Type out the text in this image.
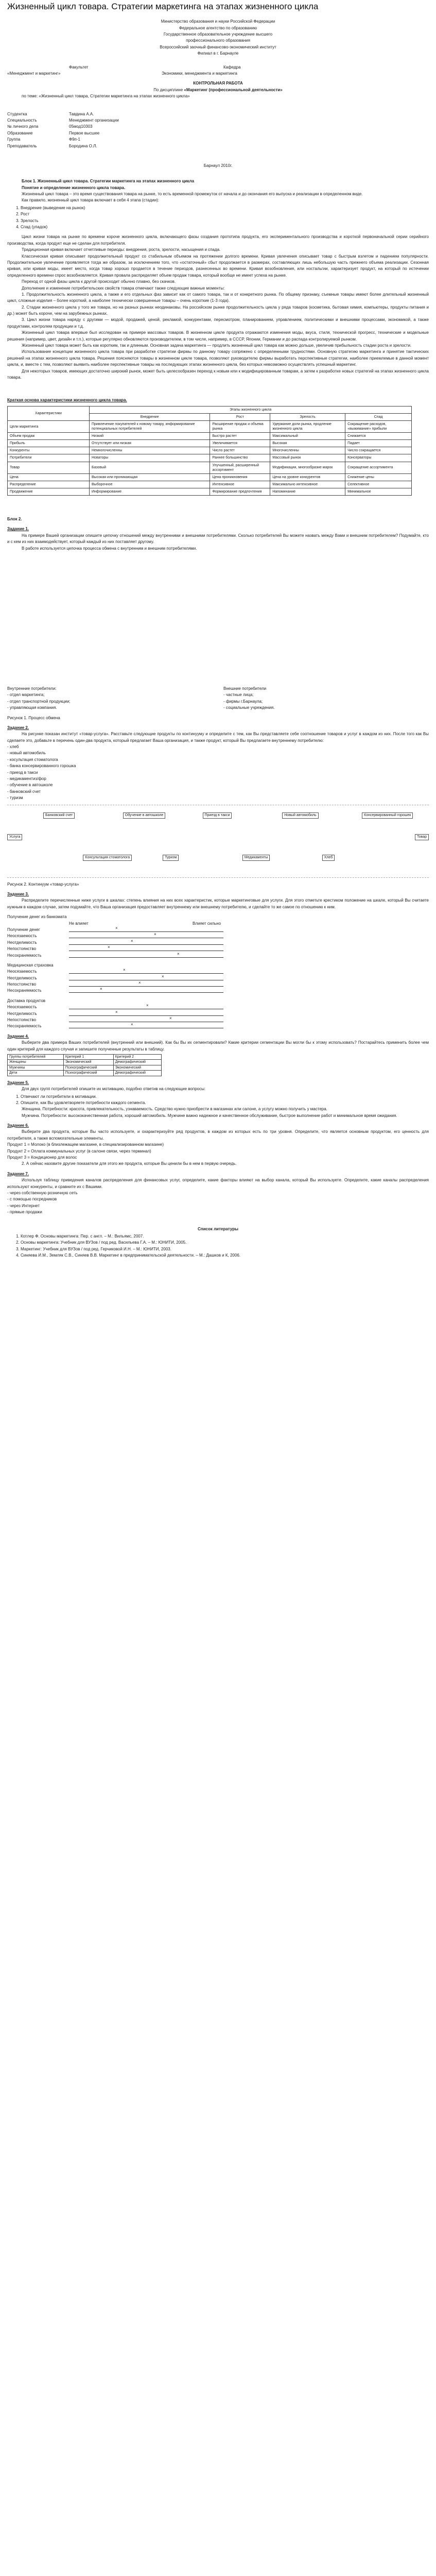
Жизненный цикл товара. Стратегии маркетинга на этапах жизненного цикла

Министерство образования и науки Российской Федерации

Федеральное агентство по образованию

Государственное образовательное учреждение высшего

профессионального образования

Всероссийский заочный финансово-экономический институт

Филиал в г. Барнауле

Факультет	Кафедра
«Менеджмент и маркетинг»	Экономики, менеджмента и маркетинга

КОНТРОЛЬНАЯ РАБОТА

По дисциплине «Маркетинг (профессиональной деятельности»

по теме: «Жизненный цикл товара, Стратегии маркетинга на этапах жизненного цикла»

Студентка	Тавдина А.А.
Специальность	Менеджмент организации
№ личного дела	05мод10303
Образование	Первое высшее
Группа	Ф9п-1
Преподаватель	Бородина О.Л.

Барнаул 2010г.

Блок 1. Жизненный цикл товара. Стратегии маркетинга на этапах жизненного цикла

Понятие и определение жизненного цикла товара.

Жизненный цикл товара – это время существования товара на рынке, то есть временной промежуток от начала и до окончания его выпуска и реализации в определенном виде.

Как правило, жизненный цикл товара включает в себя 4 этапа (стадии):

1. Внедрение (выведение на рынок)
2. Рост
3. Зрелость
4. Спад (упадок)

Цикл жизни товара на рынке по времени короче жизненного цикла, включающего фазы создания прототипа продукта, его экспериментального производства и короткой первоначальной серии серийного производства, когда продукт еще не сделан для потребителя.

Традиционная кривая включает отчетливые периоды: внедрения, роста, зрелости, насыщения и спада.

Классическая кривая описывает продолжительный продукт со стабильным объемом на протяжении долгого времени. Кривая увлечения описывает товар с быстрым взлетом и падением популярности. Продолжительное увлечение проявляется тогда же образом, за исключением того, что «остаточный» сбыт продолжается в размерах, составляющих лишь небольшую часть прежнего объема реализации. Сезонная кривая, или кривая моды, имеет место, когда товар хорошо продается в течение периодов, разнесенных во времени. Кривая возобновления, или ностальгии, характеризует продукт, на который по истечении определенного времени спрос возобновляется. Кривая провала распределяет объем продаж товара, который вообще не имеет успеха на рынке.

Переход от одной фазы цикла к другой происходит обычно плавно, без скачков.

Дополнение и изменение потребительских свойств товара отмечают также следующие важные моменты:

1. Продолжительность жизненного цикла, а также и его отдельных фаз зависит как от самого товара, так и от конкретного рынка. По общему признаку, съемные товары имеют более длительный жизненный цикл, сложные изделия – более короткий, а наиболее технически совершенные товары – очень короткие (1-3 года).

2. Стадии жизненного цикла у того же товара, но на разных рынках неодинаковы. На российском рынке продолжительность цикла у ряда товаров (косметика, бытовая химия, компьютеры, продукты питания и др.) может быть короче, чем на зарубежных рынках.

3. Цикл жизни товара наряду с другими — модой, продажей, ценой, рекламой, конкурентами, пересмотром, планированием, управлением, политическими и внешними процессами, экономикой, а также продуктами, контролем продукции и т.д.

Жизненный цикл товара впервые был исследован на примере массовых товаров. В жизненном цикле продукта отражаются изменения моды, вкуса, стиля, технической прогресс, технические и модельные решения (например, цвет, дизайн и т.п.), которые регулярно обновляются производителем, в том числе, например, в СССР, Японии, Германии и до распада контролируемой рынком.

Жизненный цикл товара может быть как коротким, так и длинным. Основная задача маркетинга — продлить жизненный цикл товара как можно дольше, увеличив прибыльность стадии роста и зрелости.

Использование концепции жизненного цикла товара при разработке стратегии фирмы по данному товару сопряжено с определенными трудностями. Основную стратегию маркетинга и принятие тактических решений на этапах жизненного цикла товара. Решения поясняются товары в жизненном цикле товара, позволяют руководителю фирмы выработать перспективные стратегии, наиболее приемлемые в данной момент цикла, и, вместе с тем, позволяют выявить наиболее перспективные товары на последующих этапах жизненного цикла, без которых невозможно осуществлять успешный маркетинг.

Для некоторых товаров, имеющих достаточно широкий рынок, может быть целесообразен переход к новым или к модифицированным товарам, а затем к разработке новых стратегий на этапах жизненного цикла товара.

Краткая основа характеристики жизненного цикла товара.

Характеристики	Этапы жизненного цикла			
	Внедрение	Рост	Зрелость	Спад
Цели маркетинга	Привлечение покупателей к новому товару, информирование потенциальных потребителей	Расширение продаж и объема рынка	Удержание доли рынка, продление жизненного цикла	Сокращение расходов, «выжимание» прибыли
Объем продаж	Низкий	Быстро растет	Максимальный	Снижается
Прибыль	Отсутствует или низкая	Увеличивается	Высокая	Падает
Конкуренты	Немногочисленны	Число растет	Многочисленны	Число сокращается
Потребители	Новаторы	Раннее большинство	Массовый рынок	Консерваторы
Товар	Базовый	Улучшенный, расширенный ассортимент	Модификации, многообразие марок	Сокращение ассортимента
Цена	Высокая или проникающая	Цена проникновения	Цена на уровне конкурентов	Снижение цены
Распределение	Выборочное	Интенсивное	Максимально интенсивное	Селективное
Продвижение	Информирование	Формирование предпочтения	Напоминание	Минимальное

Блок 2.

Задание 1.

На примере Вашей организации опишите цепочку отношений между внутренними и внешними потребителями. Сколько потребителей Вы можете назвать между Вами и внешним потребителем? Подумайте, кто и с кем из них взаимодействует, который каждый из них поставляет другому.

В работе используется цепочка процесса обмена с внутренним и внешним потребителями.

Внутренние потребители:

- отдел маркетинга;

- отдел транспортной продукции;

- управляющая компания.

Внешние потребители

- частные лица;

- фирмы г.Барнаула;

- социальные учреждения.

Рисунок 1. Процесс обмена

Задание 2.

На рисунке показан институт «товар-услуга». Расставьте следующие продукты по континууму и определите с тем, как Вы представляете себе соотношение товаров и услуг в каждом из них. После того как Вы сделаете это, добавьте в перечень один-два продукта, который предлагает Ваша организация, и также продукт, который Вы предлагаете внутреннему потребителю:

- хлеб

- новый автомобиль

- косультация стоматолога

- банка консервированного горошка

- приезд в такси

- медикаментиз/фор

- обучение в автошколе

- банковский счет

- туризм

Услуга	Товар
Банковский счет
Консультация стоматолога
Обучение в автошколе
Туризм
Приезд в такси
Медикаменты
Новый автомобиль
Хлеб
Консервированный горошек

Рисунок 2. Континуум «товар-услуга»

Задание 3.

Распределите перечисленные ниже услуги в шкалах: степень влияния на них всех характеристик, которые маркетинговые для услуги. Для этого отметьте крестиком положение на шкале, который Вы считаете нужным в каждом случае, затем подумайте, что Ваша организация предоставляет внутреннему или внешнему потребителю, и сделайте то же самое по отношению к ним.

Получение денег из банкомата

Не влияет	Влияет сильно
Получение денег	×
Неосязаемость	×
Неотделимость	×
Непостоянство	×
Несохраняемость	×

Медицинская страховка

Неосязаемость	×
Неотделимость	×
Непостоянство	×
Несохраняемость	×

Доставка продуктов

Неосязаемость	×
Неотделимость	×
Непостоянство	×
Несохраняемость	×

Задание 4.

Выберите два примера Ваших потребителей (внутренний или внешний). Как бы Вы их сегментировали? Какие критерии сегментации Вы могли бы к этому использовать? Постарайтесь применить более чем один критерий для каждого случая и запишите полученные результаты в таблицу.

Группы потребителей	Критерий 1	Критерий 2
Женщины	Экономический	Демографический
Мужчины	Психографический	Экономический
Дети	Психографический	Демографический

Задание 5.

Для двух групп потребителей опишите их мотивацию, подобно ответив на следующие вопросы:

1. Отвечают ли потребители в мотивации.
2. Опишите, как Вы удовлетворяете потребности каждого сегмента.

Женщина. Потребности: красота, привлекательность, узнаваемость. Средство нужно приобрести в магазинах или салоне, а услугу можно получить у мастера.

Мужчина. Потребности: высококачественная работа, хороший автомобиль. Мужчине важно надежное и качественное обслуживание, быстрое выполнение работ и минимальное время ожидания.

Задание 6.

Выберите два продукта, которые Вы часто используете, и охарактеризуйте ряд продуктов, в каждом из которых есть по три уровня. Определите, что является основным продуктом, его ценность для потребителя, а также вспомогательные элементы.

Продукт 1 = Молоко (в близлежащем магазине, в специализированном магазине)

Продукт 2 = Оплата коммунальных услуг (в салоне связи, через терминал)

Продукт 3 = Кондиционер для волос

2. А сейчас назовите другие показатели для этого же продукта, которые Вы ценили бы в нем в первую очередь.

Задание 7.

Используя таблицу приведения каналов распределения для финансовых услуг, определите, какие факторы влияют на выбор канала, который Вы используете. Определите, какие каналы распределения используют конкуренты, и сравните их с Вашими.

- через собственную розничную сеть

- с помощью посредников

- через Интернет

- прямые продажи

Список литературы

1. Котлер Ф. Основы маркетинга: Пер. с англ. – М.: Вильямс, 2007.
2. Основы маркетинга: Учебник для ВУЗов / под ред. Васильева Г.А. – М.: ЮНИТИ, 2005.
3. Маркетинг: Учебник для ВУЗов / под ред. Герчиковой И.Н. – М.: ЮНИТИ, 2003.
4. Синяева И.М., Земляк С.В., Синяев В.В. Маркетинг в предпринимательской деятельности. – М.: Дашков и К, 2006.
